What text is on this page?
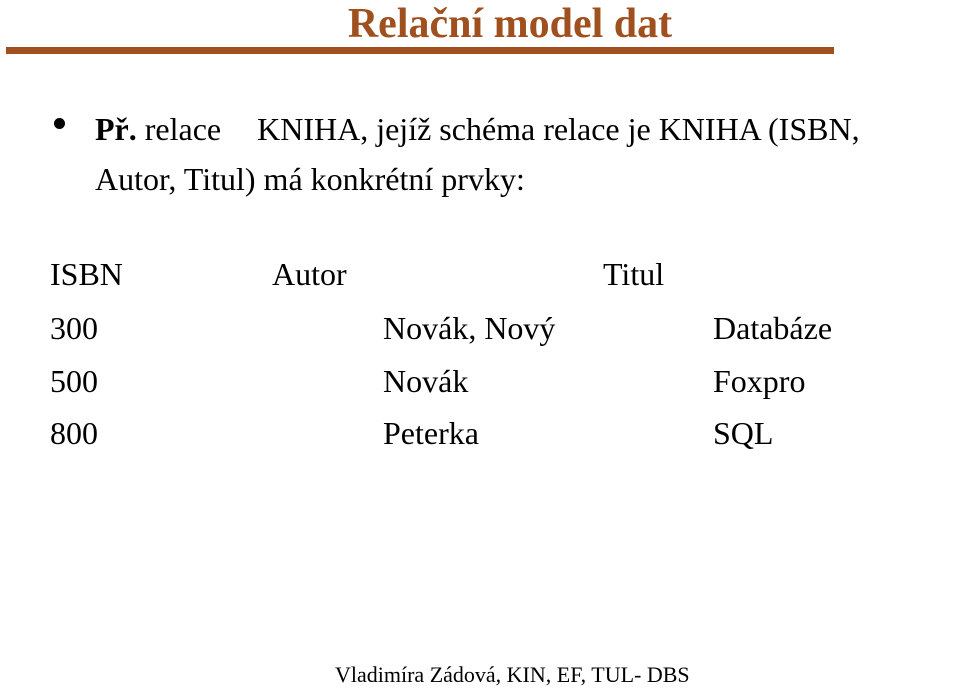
Relační model dat
Př. relace KNIHA, jejíž schéma relace je KNIHA (ISBN,
Autor, Titul) má konkrétní prvky:
ISBN	Autor	Titul
300	Novák, Nový	Databáze
500	Novák	Foxpro
800	Peterka	SQL
Vladimíra Zádová, KIN, EF, TUL- DBS
